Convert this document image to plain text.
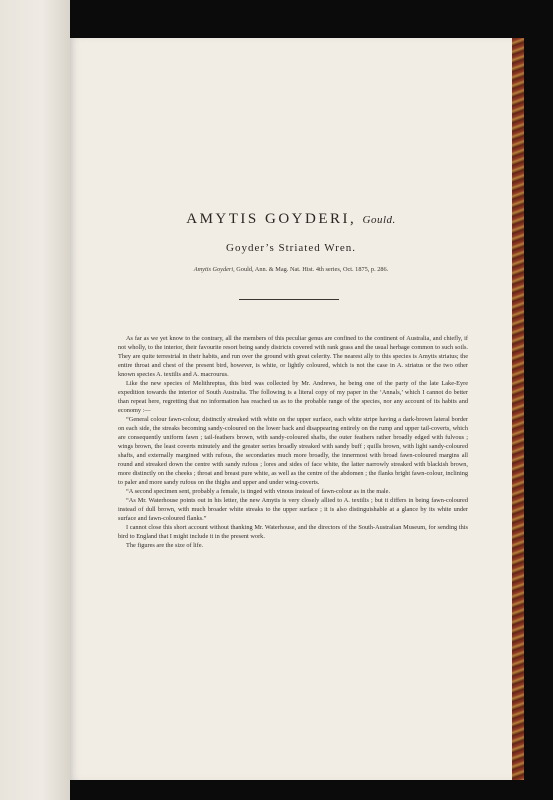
AMYTIS GOYDERI, Gould.
Goyder’s Striated Wren.
Amytis Goyderi, Gould, Ann. & Mag. Nat. Hist. 4th series, Oct. 1875, p. 286.

As far as we yet know to the contrary, all the members of this peculiar genus are confined to the continent of Australia, and chiefly, if not wholly, to the interior, their favourite resort being sandy districts covered with rank grass and the usual herbage common to such soils. They are quite terrestrial in their habits, and run over the ground with great celerity. The nearest ally to this species is Amytis striatus; the entire throat and chest of the present bird, however, is white, or lightly coloured, which is not the case in A. striatus or the two other known species A. textilis and A. macrourus.

Like the new species of Melithreptus, this bird was collected by Mr. Andrews, he being one of the party of the late Lake-Eyre expedition towards the interior of South Australia. The following is a literal copy of my paper in the ‘Annals,’ which I cannot do better than repeat here, regretting that no information has reached us as to the probable range of the species, nor any account of its habits and economy :—

“General colour fawn-colour, distinctly streaked with white on the upper surface, each white stripe having a dark-brown lateral border on each side, the streaks becoming sandy-coloured on the lower back and disappearing entirely on the rump and upper tail-coverts, which are consequently uniform fawn ; tail-feathers brown, with sandy-coloured shafts, the outer feathers rather broadly edged with fulvous ; wings brown, the least coverts minutely and the greater series broadly streaked with sandy buff ; quills brown, with light sandy-coloured shafts, and externally margined with rufous, the secondaries much more broadly, the innermost with broad fawn-coloured margins all round and streaked down the centre with sandy rufous ; lores and sides of face white, the latter narrowly streaked with blackish brown, more distinctly on the cheeks ; throat and breast pure white, as well as the centre of the abdomen ; the flanks bright fawn-colour, inclining to paler and more sandy rufous on the thighs and upper and under wing-coverts.

“A second specimen sent, probably a female, is tinged with vinous instead of fawn-colour as in the male.

“As Mr. Waterhouse points out in his letter, the new Amytis is very closely allied to A. textilis ; but it differs in being fawn-coloured instead of dull brown, with much broader white streaks to the upper surface ; it is also distinguishable at a glance by its white under surface and fawn-coloured flanks.”

I cannot close this short account without thanking Mr. Waterhouse, and the directors of the South-Australian Museum, for sending this bird to England that I might include it in the present work.

The figures are the size of life.
